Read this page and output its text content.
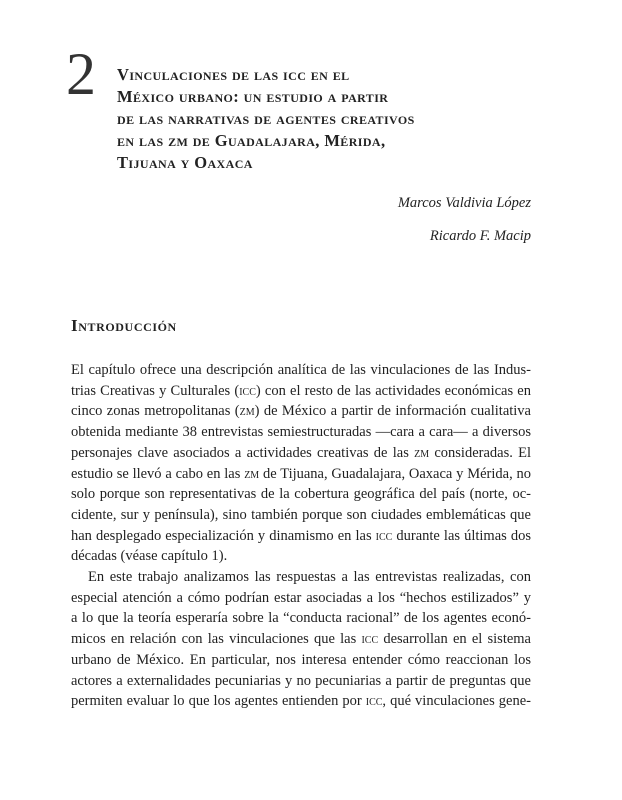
2 Vinculaciones de las icc en el
México urbano: un estudio a partir
de las narrativas de agentes creativos
en las zm de Guadalajara, Mérida,
Tijuana y Oaxaca

Marcos Valdivia López

Ricardo F. Macip

Introducción

El capítulo ofrece una descripción analítica de las vinculaciones de las Indus-
trias Creativas y Culturales (icc) con el resto de las actividades económicas en
cinco zonas metropolitanas (zm) de México a partir de información cualitativa
obtenida mediante 38 entrevistas semiestructuradas —cara a cara— a diversos
personajes clave asociados a actividades creativas de las zm consideradas. El
estudio se llevó a cabo en las zm de Tijuana, Guadalajara, Oaxaca y Mérida, no
solo porque son representativas de la cobertura geográfica del país (norte, oc-
cidente, sur y península), sino también porque son ciudades emblemáticas que
han desplegado especialización y dinamismo en las icc durante las últimas dos
décadas (véase capítulo 1).

En este trabajo analizamos las respuestas a las entrevistas realizadas, con
especial atención a cómo podrían estar asociadas a los “hechos estilizados” y
a lo que la teoría esperaría sobre la “conducta racional” de los agentes econó-
micos en relación con las vinculaciones que las icc desarrollan en el sistema
urbano de México. En particular, nos interesa entender cómo reaccionan los
actores a externalidades pecuniarias y no pecuniarias a partir de preguntas que
permiten evaluar lo que los agentes entienden por icc, qué vinculaciones gene-
